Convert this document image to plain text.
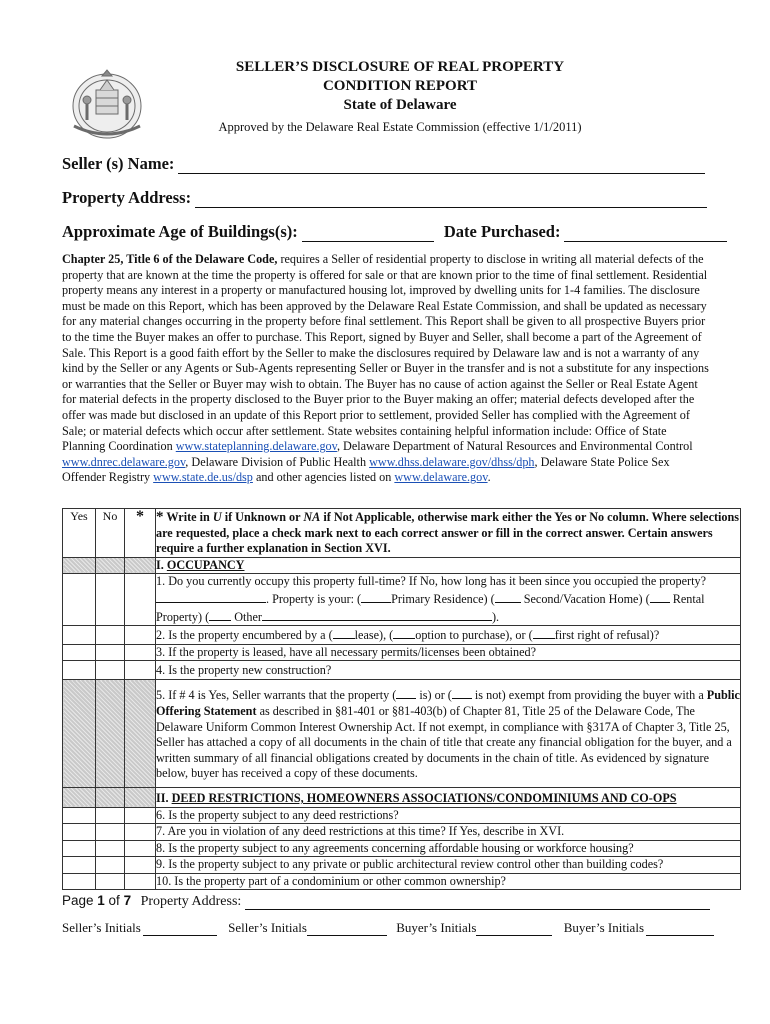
SELLER’S DISCLOSURE OF REAL PROPERTY
CONDITION REPORT
State of Delaware
Approved by the Delaware Real Estate Commission (effective 1/1/2011)
Seller (s) Name:
Property Address:
Approximate Age of Buildings(s):	Date Purchased:
Chapter 25, Title 6 of the Delaware Code, requires a Seller of residential property to disclose in writing all material defects of the property that are known at the time the property is offered for sale or that are known prior to the time of final settlement. Residential property means any interest in a property or manufactured housing lot, improved by dwelling units for 1-4 families. The disclosure must be made on this Report, which has been approved by the Delaware Real Estate Commission, and shall be updated as necessary for any material changes occurring in the property before final settlement. This Report shall be given to all prospective Buyers prior to the time the Buyer makes an offer to purchase. This Report, signed by Buyer and Seller, shall become a part of the Agreement of Sale. This Report is a good faith effort by the Seller to make the disclosures required by Delaware law and is not a warranty of any kind by the Seller or any Agents or Sub-Agents representing Seller or Buyer in the transfer and is not a substitute for any inspections or warranties that the Seller or Buyer may wish to obtain. The Buyer has no cause of action against the Seller or Real Estate Agent for material defects in the property disclosed to the Buyer prior to the Buyer making an offer; material defects developed after the offer was made but disclosed in an update of this Report prior to settlement, provided Seller has complied with the Agreement of Sale; or material defects which occur after settlement. State websites containing helpful information include: Office of State Planning Coordination www.stateplanning.delaware.gov, Delaware Department of Natural Resources and Environmental Control www.dnrec.delaware.gov, Delaware Division of Public Health www.dhss.delaware.gov/dhss/dph, Delaware State Police Sex Offender Registry www.state.de.us/dsp and other agencies listed on www.delaware.gov.
Yes	No	*	* Write in U if Unknown or NA if Not Applicable, otherwise mark either the Yes or No column. Where selections are requested, place a check mark next to each correct answer or fill in the correct answer. Certain answers require a further explanation in Section XVI.
			I. OCCUPANCY
			1. Do you currently occupy this property full-time? If No, how long has it been since you occupied the property?
. Property is your: ( Primary Residence) ( Second/Vacation Home) ( Rental Property) ( Other ).
			2. Is the property encumbered by a ( lease), ( option to purchase), or ( first right of refusal)?
			3. If the property is leased, have all necessary permits/licenses been obtained?
			4. Is the property new construction?
			5. If # 4 is Yes, Seller warrants that the property ( is) or ( is not) exempt from providing the buyer with a Public Offering Statement as described in §81-401 or §81-403(b) of Chapter 81, Title 25 of the Delaware Code, The Delaware Uniform Common Interest Ownership Act. If not exempt, in compliance with §317A of Chapter 3, Title 25, Seller has attached a copy of all documents in the chain of title that create any financial obligation for the buyer, and a written summary of all financial obligations created by documents in the chain of title. As evidenced by signature below, buyer has received a copy of these documents.
			II. DEED RESTRICTIONS, HOMEOWNERS ASSOCIATIONS/CONDOMINIUMS AND CO-OPS
			6. Is the property subject to any deed restrictions?
			7. Are you in violation of any deed restrictions at this time? If Yes, describe in XVI.
			8. Is the property subject to any agreements concerning affordable housing or workforce housing?
			9. Is the property subject to any private or public architectural review control other than building codes?
			10. Is the property part of a condominium or other common ownership?
Page 1 of 7 Property Address:
Seller’s Initials	Seller’s Initials	Buyer’s Initials	Buyer’s Initials
